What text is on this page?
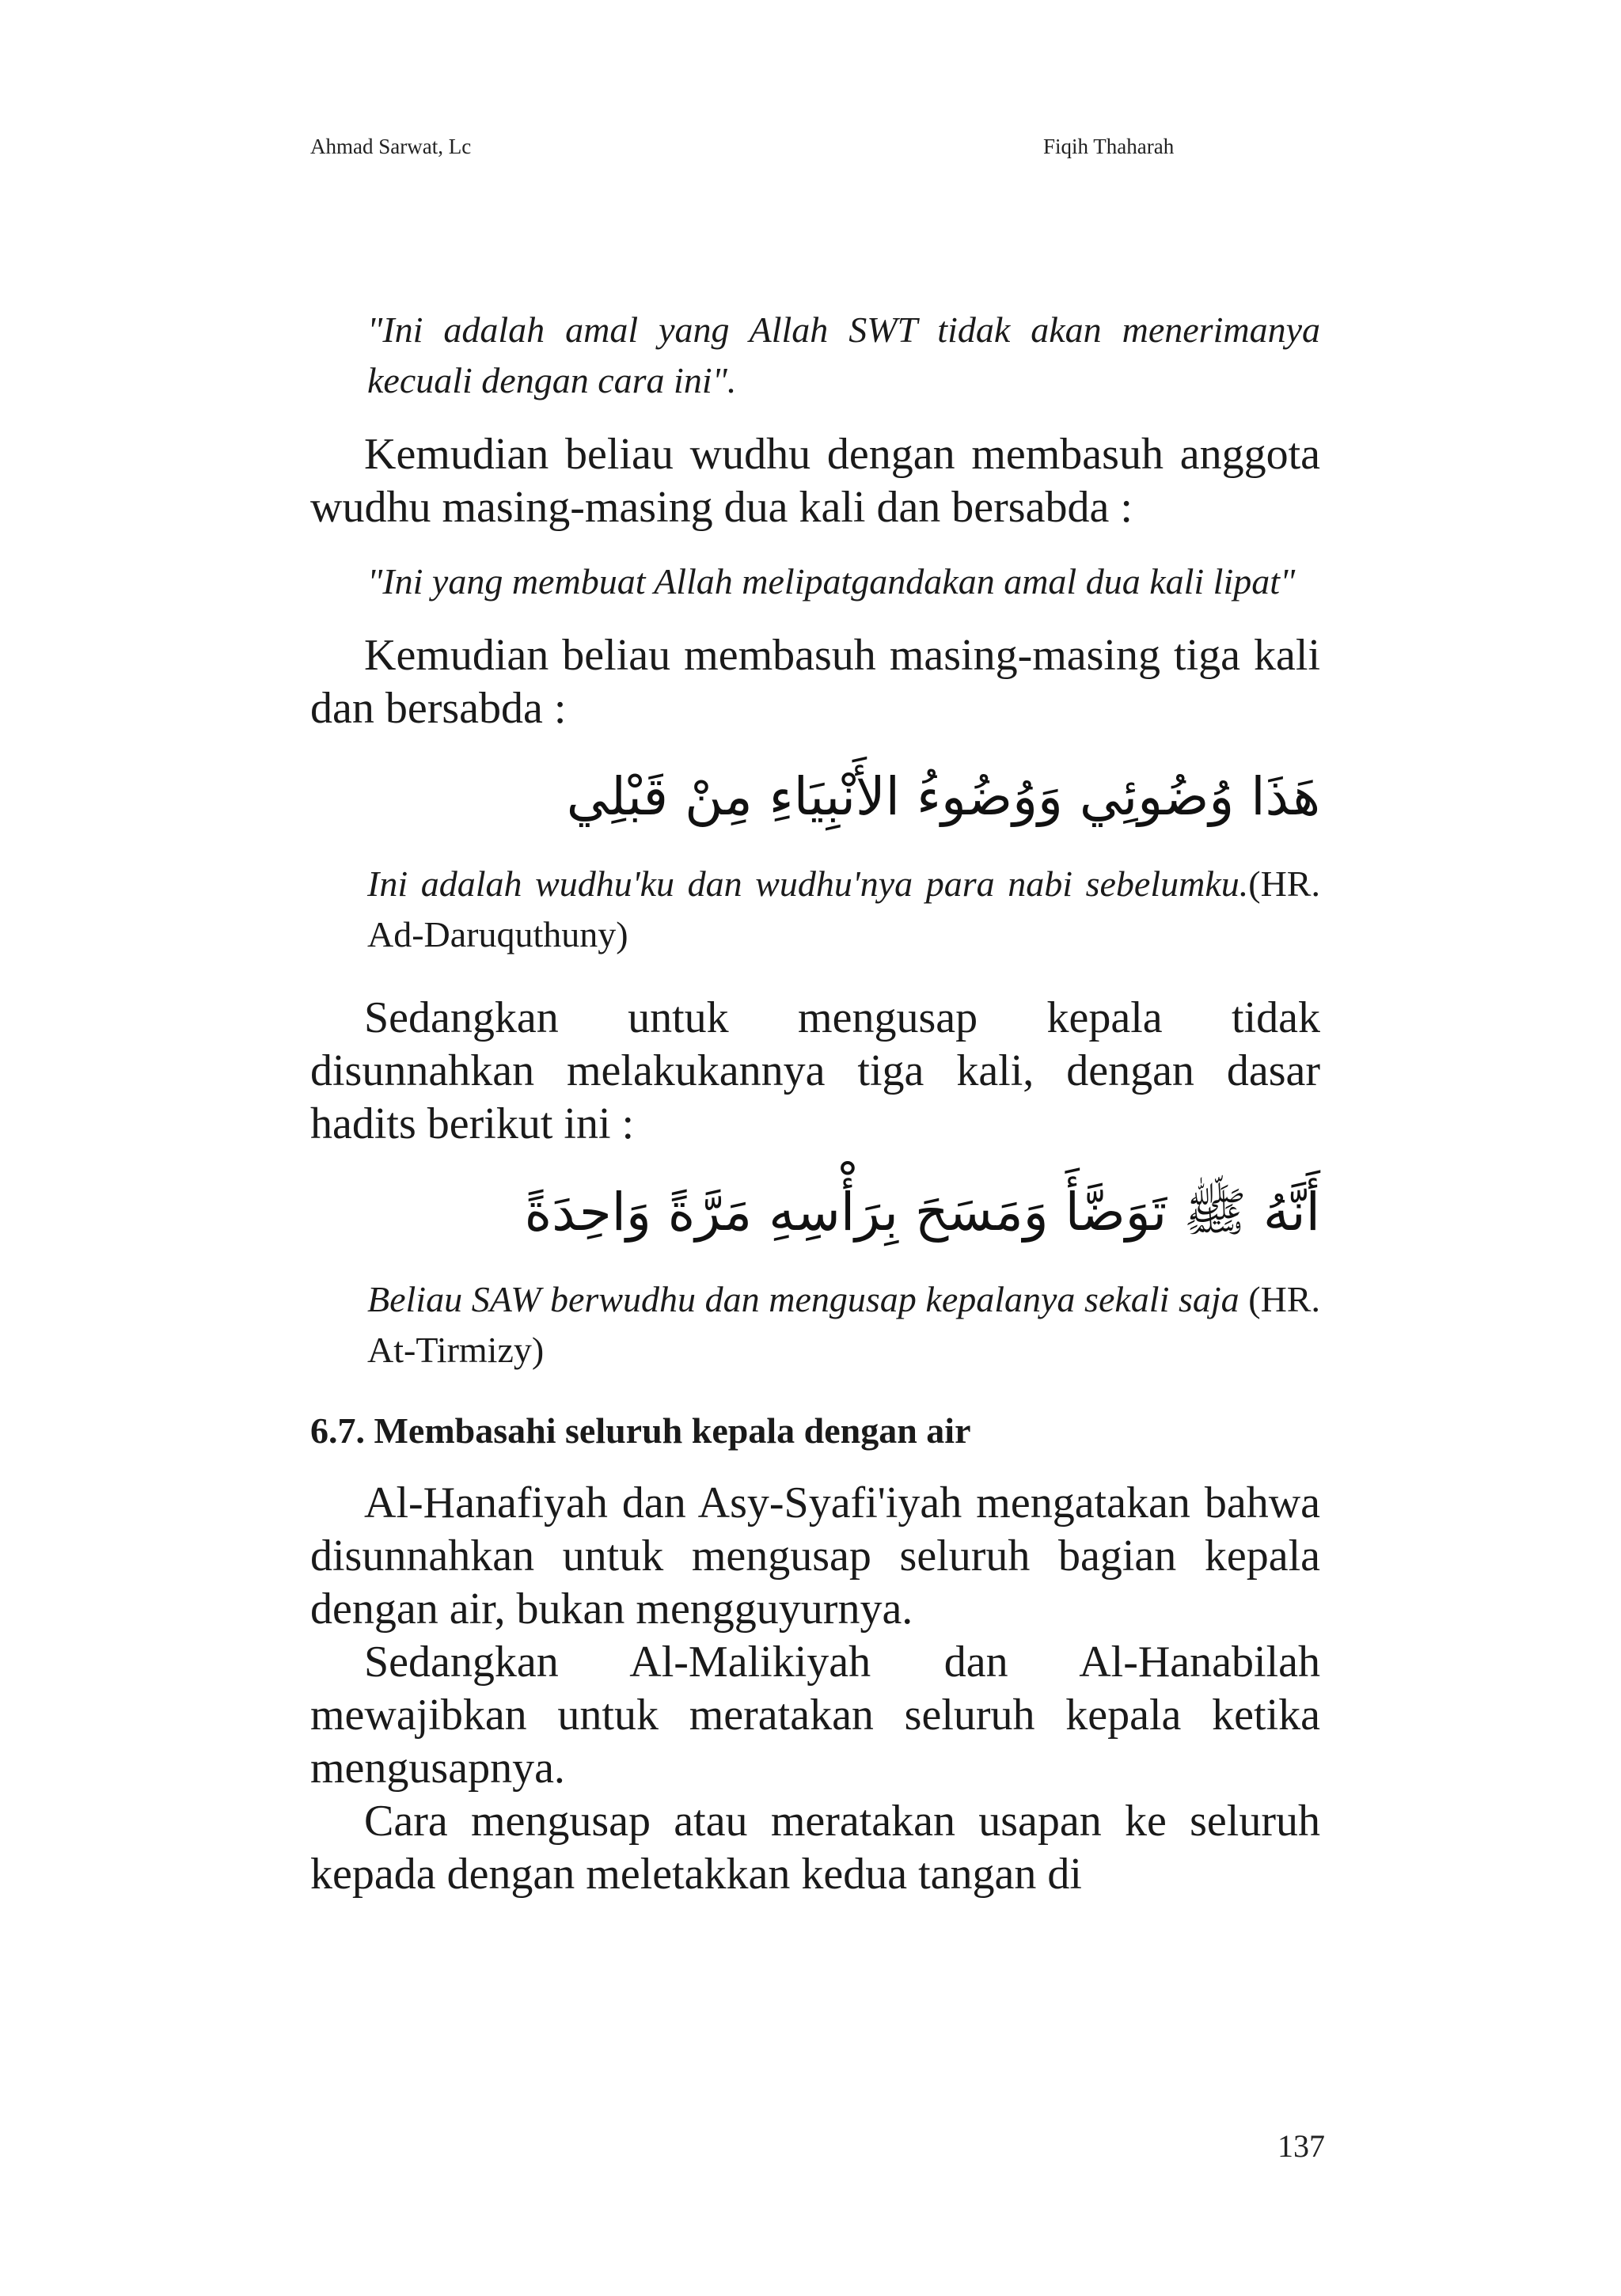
Ahmad Sarwat, Lc	Fiqih Thaharah

"Ini adalah amal yang Allah SWT tidak akan menerimanya kecuali dengan cara ini".

Kemudian beliau wudhu dengan membasuh anggota wudhu masing-masing dua kali dan bersabda :

"Ini yang membuat Allah melipatgandakan amal dua kali lipat"

Kemudian beliau membasuh masing-masing tiga kali dan bersabda :

هَذَا وُضُوئِي وَوُضُوءُ الأَنْبِيَاءِ مِنْ قَبْلِي

Ini adalah wudhu'ku dan wudhu'nya para nabi sebelumku.(HR. Ad-Daruquthuny)

Sedangkan untuk mengusap kepala tidak disunnahkan melakukannya tiga kali, dengan dasar hadits berikut ini :

أَنَّهُ ﷺ تَوَضَّأَ وَمَسَحَ بِرَأْسِهِ مَرَّةً وَاحِدَةً

Beliau SAW berwudhu dan mengusap kepalanya sekali saja (HR. At-Tirmizy)

6.7. Membasahi seluruh kepala dengan air

Al-Hanafiyah dan Asy-Syafi'iyah mengatakan bahwa disunnahkan untuk mengusap seluruh bagian kepala dengan air, bukan mengguyurnya.

Sedangkan Al-Malikiyah dan Al-Hanabilah mewajibkan untuk meratakan seluruh kepala ketika mengusapnya.

Cara mengusap atau meratakan usapan ke seluruh kepada dengan meletakkan kedua tangan di

137
